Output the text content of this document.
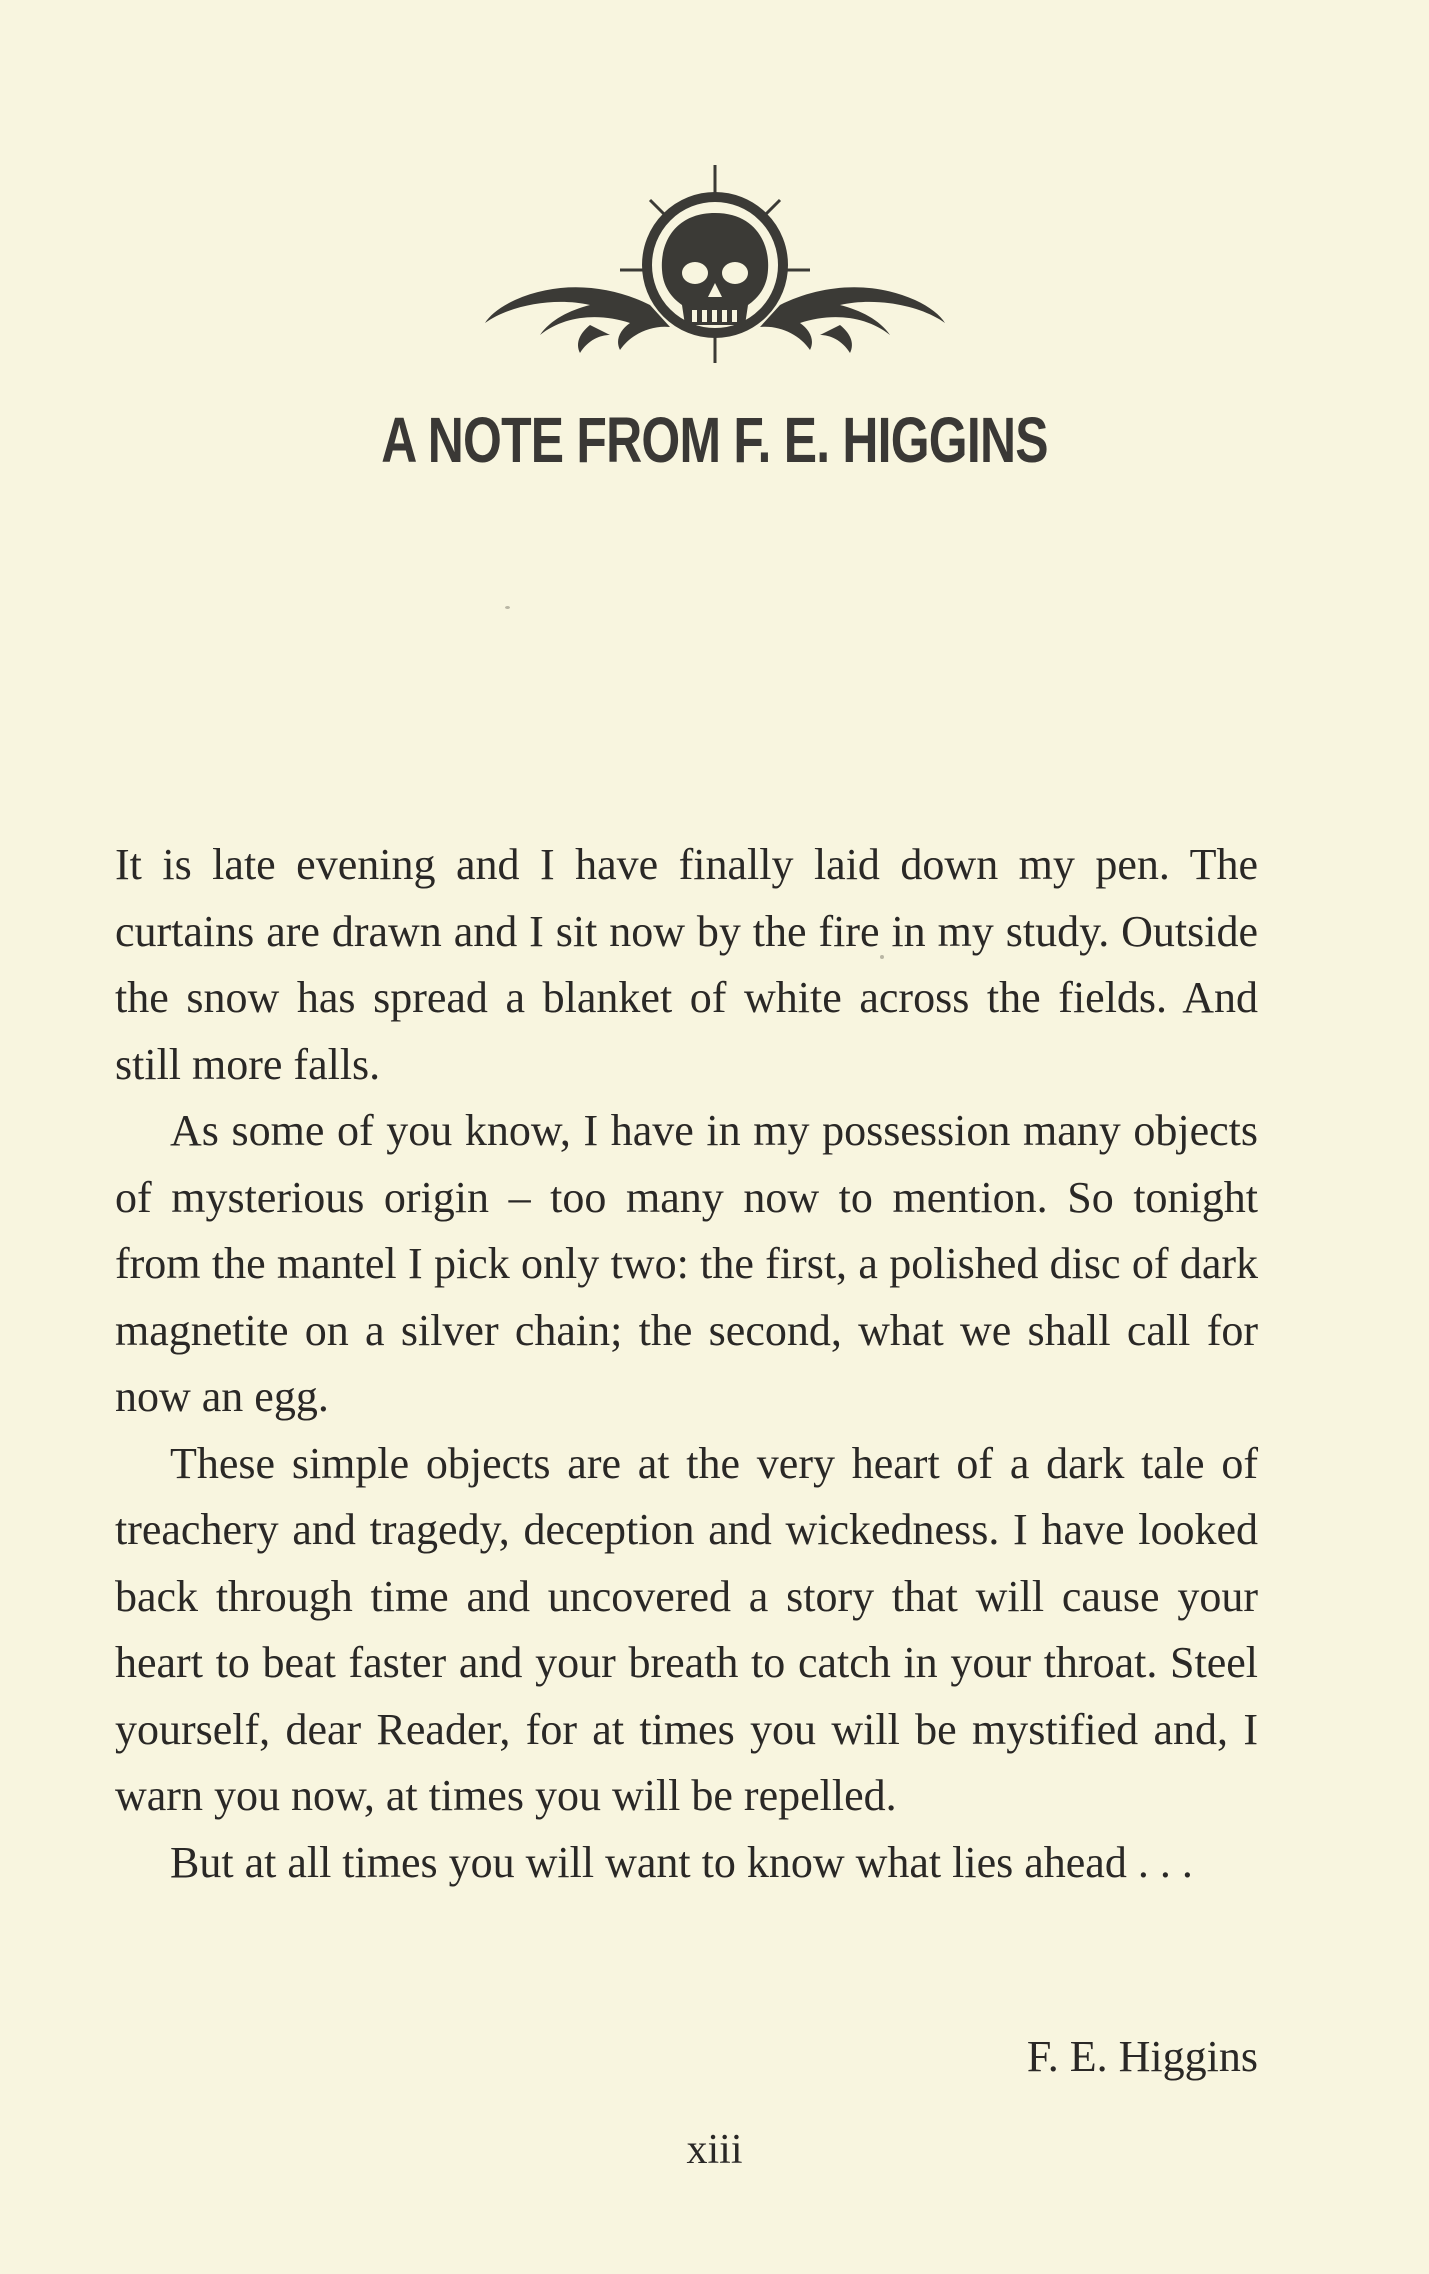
A NOTE FROM F. E. HIGGINS

It is late evening and I have finally laid down my pen. The curtains are drawn and I sit now by the fire in my study. Outside the snow has spread a blanket of white across the fields. And still more falls.

As some of you know, I have in my possession many objects of mysterious origin – too many now to mention. So tonight from the mantel I pick only two: the first, a polished disc of dark magnetite on a silver chain; the second, what we shall call for now an egg.

These simple objects are at the very heart of a dark tale of treachery and tragedy, deception and wickedness. I have looked back through time and uncovered a story that will cause your heart to beat faster and your breath to catch in your throat. Steel yourself, dear Reader, for at times you will be mystified and, I warn you now, at times you will be repelled.

But at all times you will want to know what lies ahead . . .

F. E. Higgins
xiii
